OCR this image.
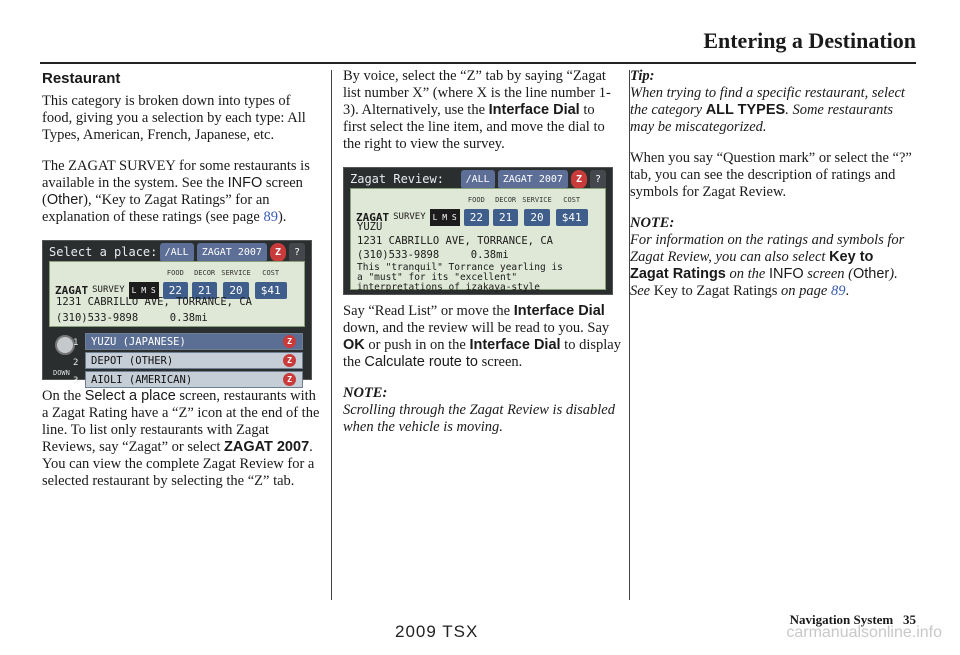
Entering a Destination
Restaurant

This category is broken down into types of food, giving you a selection by each type: All Types, American, French, Japanese, etc.

The ZAGAT SURVEY for some restaurants is available in the system. See the INFO screen (Other), “Key to Zagat Ratings” for an explanation of these ratings (see page 89).

Select a place: /ALL	ZAGAT 2007	Z	?
ZAGAT SURVEY L M S
FOOD
22
DECOR
21
SERVICE
20
COST
$41
1231 CABRILLO AVE, TORRANCE, CA
(310)533-9898	0.38mi
DOWN
1
2
3
YUZU (JAPANESE)	Z
DEPOT (OTHER)	Z
AIOLI (AMERICAN)	Z

On the Select a place screen, restaurants with a Zagat Rating have a “Z” icon at the end of the line. To list only restaurants with Zagat Reviews, say “Zagat” or select ZAGAT 2007. You can view the complete Zagat Review for a selected restaurant by selecting the “Z” tab.

By voice, select the “Z” tab by saying “Zagat list number X” (where X is the line number 1-3). Alternatively, use the Interface Dial to first select the line item, and move the dial to the right to view the survey.

Zagat Review:	/ALL	ZAGAT 2007	Z	?
ZAGAT SURVEY L M S
FOOD
22
DECOR
21
SERVICE
20
COST
$41
YUZU
1231 CABRILLO AVE, TORRANCE, CA
(310)533-9898	0.38mi
This "tranquil" Torrance yearling is
a "must" for its "excellent"
interpretations of izakaya-style

Say “Read List” or move the Interface Dial down, and the review will be read to you. Say OK or push in on the Interface Dial to display the Calculate route to screen.

NOTE:

Scrolling through the Zagat Review is disabled when the vehicle is moving.

Tip:

When trying to find a specific restaurant, select the category ALL TYPES. Some restaurants may be miscategorized.

When you say “Question mark” or select the “?” tab, you can see the description of ratings and symbols for Zagat Review.

NOTE:

For information on the ratings and symbols for Zagat Review, you can also select Key to Zagat Ratings on the INFO screen (Other). See Key to Zagat Ratings on page 89.

Navigation System 35
2009 TSX	carmanualsonline.info
